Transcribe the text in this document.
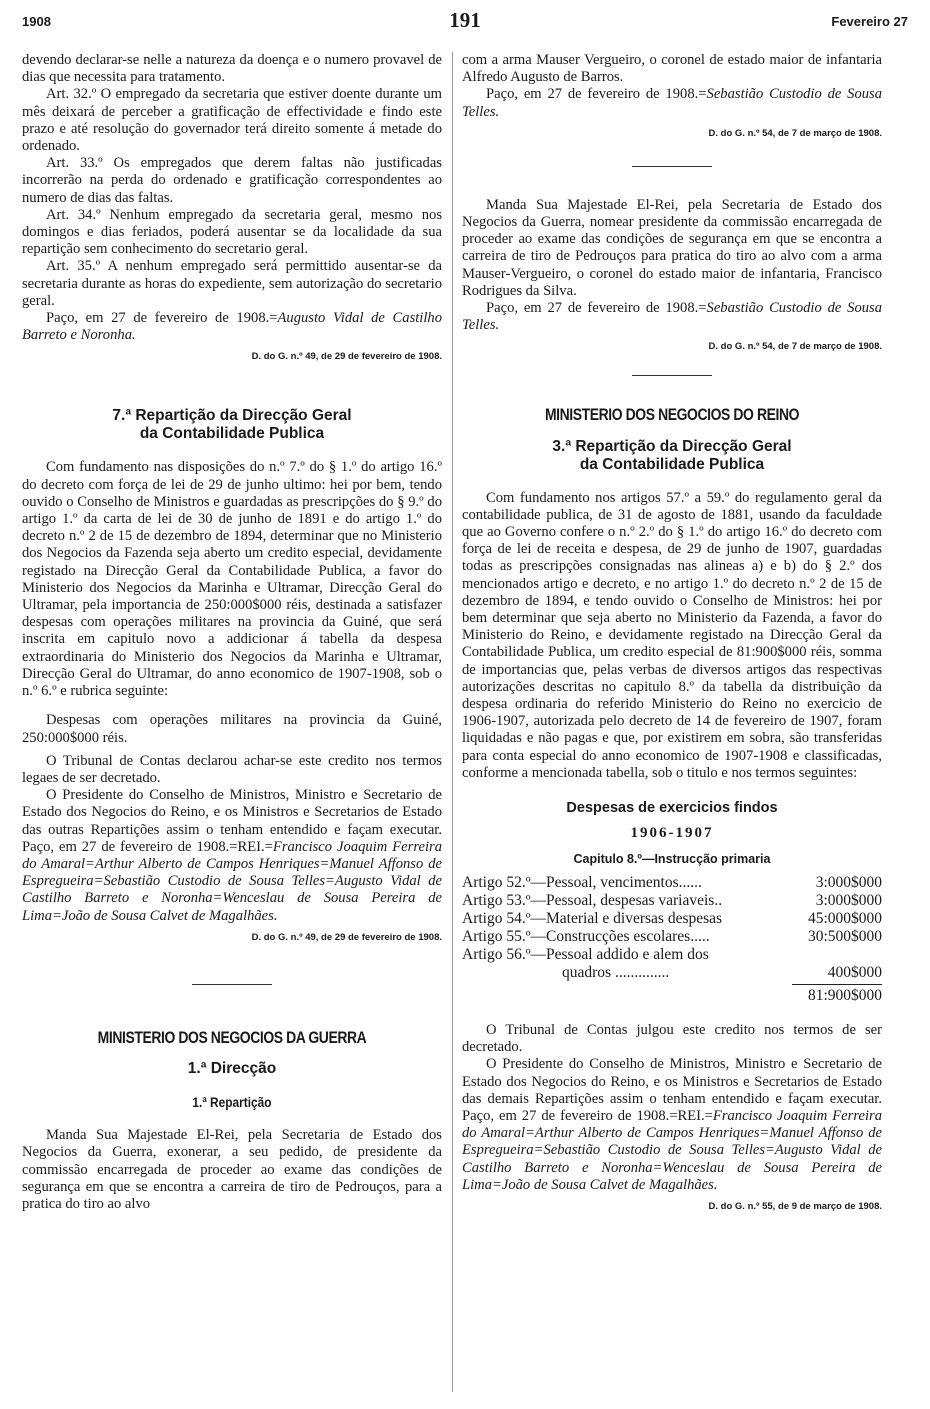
1908	191	Fevereiro 27

devendo declarar-se nelle a natureza da doença e o numero provavel de dias que necessita para tratamento.

Art. 32.º O empregado da secretaria que estiver doente durante um mês deixará de perceber a gratificação de effectividade e findo este prazo e até resolução do governador terá direito somente á metade do ordenado.

Art. 33.º Os empregados que derem faltas não justificadas incorrerão na perda do ordenado e gratificação correspondentes ao numero de dias das faltas.

Art. 34.º Nenhum empregado da secretaria geral, mesmo nos domingos e dias feriados, poderá ausentar se da localidade da sua repartição sem conhecimento do secretario geral.

Art. 35.º A nenhum empregado será permittido ausentar-se da secretaria durante as horas do expediente, sem autorização do secretario geral.

Paço, em 27 de fevereiro de 1908.=Augusto Vidal de Castilho Barreto e Noronha.

D. do G. n.º 49, de 29 de fevereiro de 1908.

7.ª Repartição da Direcção Geral
da Contabilidade Publica

Com fundamento nas disposições do n.º 7.º do § 1.º do artigo 16.º do decreto com força de lei de 29 de junho ultimo: hei por bem, tendo ouvido o Conselho de Ministros e guardadas as prescripções do § 9.º do artigo 1.º da carta de lei de 30 de junho de 1891 e do artigo 1.º do decreto n.º 2 de 15 de dezembro de 1894, determinar que no Ministerio dos Negocios da Fazenda seja aberto um credito especial, devidamente registado na Direcção Geral da Contabilidade Publica, a favor do Ministerio dos Negocios da Marinha e Ultramar, Direcção Geral do Ultramar, pela importancia de 250:000$000 réis, destinada a satisfazer despesas com operações militares na provincia da Guiné, que será inscrita em capitulo novo a addicionar á tabella da despesa extraordinaria do Ministerio dos Negocios da Marinha e Ultramar, Direcção Geral do Ultramar, do anno economico de 1907-1908, sob o n.º 6.º e rubrica seguinte:

Despesas com operações militares na provincia da Guiné, 250:000$000 réis.

O Tribunal de Contas declarou achar-se este credito nos termos legaes de ser decretado.

O Presidente do Conselho de Ministros, Ministro e Secretario de Estado dos Negocios do Reino, e os Ministros e Secretarios de Estado das outras Repartições assim o tenham entendido e façam executar. Paço, em 27 de fevereiro de 1908.=REI.=Francisco Joaquim Ferreira do Amaral=Arthur Alberto de Campos Henriques=Manuel Affonso de Espregueira=Sebastião Custodio de Sousa Telles=Augusto Vidal de Castilho Barreto e Noronha=Wenceslau de Sousa Pereira de Lima=João de Sousa Calvet de Magalhães.

D. do G. n.º 49, de 29 de fevereiro de 1908.

MINISTERIO DOS NEGOCIOS DA GUERRA
1.ª Direcção
1.ª Repartição

Manda Sua Majestade El-Rei, pela Secretaria de Estado dos Negocios da Guerra, exonerar, a seu pedido, de presidente da commissão encarregada de proceder ao exame das condições de segurança em que se encontra a carreira de tiro de Pedrouços, para a pratica do tiro ao alvo

com a arma Mauser Vergueiro, o coronel de estado maior de infantaria Alfredo Augusto de Barros.

Paço, em 27 de fevereiro de 1908.=Sebastião Custodio de Sousa Telles.

D. do G. n.º 54, de 7 de março de 1908.

Manda Sua Majestade El-Rei, pela Secretaria de Estado dos Negocios da Guerra, nomear presidente da commissão encarregada de proceder ao exame das condições de segurança em que se encontra a carreira de tiro de Pedrouços para pratica do tiro ao alvo com a arma Mauser-Vergueiro, o coronel do estado maior de infantaria, Francisco Rodrigues da Silva.

Paço, em 27 de fevereiro de 1908.=Sebastião Custodio de Sousa Telles.

D. do G. n.º 54, de 7 de março de 1908.

MINISTERIO DOS NEGOCIOS DO REINO
3.ª Repartição da Direcção Geral
da Contabilidade Publica

Com fundamento nos artigos 57.º a 59.º do regulamento geral da contabilidade publica, de 31 de agosto de 1881, usando da faculdade que ao Governo confere o n.º 2.º do § 1.º do artigo 16.º do decreto com força de lei de receita e despesa, de 29 de junho de 1907, guardadas todas as prescripções consignadas nas alineas a) e b) do § 2.º dos mencionados artigo e decreto, e no artigo 1.º do decreto n.º 2 de 15 de dezembro de 1894, e tendo ouvido o Conselho de Ministros: hei por bem determinar que seja aberto no Ministerio da Fazenda, a favor do Ministerio do Reino, e devidamente registado na Direcção Geral da Contabilidade Publica, um credito especial de 81:900$000 réis, somma de importancias que, pelas verbas de diversos artigos das respectivas autorizações descritas no capitulo 8.º da tabella da distribuição da despesa ordinaria do referido Ministerio do Reino no exercicio de 1906-1907, autorizada pelo decreto de 14 de fevereiro de 1907, foram liquidadas e não pagas e que, por existirem em sobra, são transferidas para conta especial do anno economico de 1907-1908 e classificadas, conforme a mencionada tabella, sob o titulo e nos termos seguintes:

Despesas de exercicios findos
1906-1907
Capitulo 8.º—Instrucção primaria
Artigo 52.º—Pessoal, vencimentos......	3:000$000
Artigo 53.º—Pessoal, despesas variaveis..	3:000$000
Artigo 54.º—Material e diversas despesas	45:000$000
Artigo 55.º—Construcções escolares.....	30:500$000
Artigo 56.º—Pessoal addido e alem dos
quadros ..............	400$000
81:900$000

O Tribunal de Contas julgou este credito nos termos de ser decretado.

O Presidente do Conselho de Ministros, Ministro e Secretario de Estado dos Negocios do Reino, e os Ministros e Secretarios de Estado das demais Repartições assim o tenham entendido e façam executar. Paço, em 27 de fevereiro de 1908.=REI.=Francisco Joaquim Ferreira do Amaral=Arthur Alberto de Campos Henriques=Manuel Affonso de Espregueira=Sebastião Custodio de Sousa Telles=Augusto Vidal de Castilho Barreto e Noronha=Wenceslau de Sousa Pereira de Lima=João de Sousa Calvet de Magalhães.

D. do G. n.º 55, de 9 de março de 1908.
